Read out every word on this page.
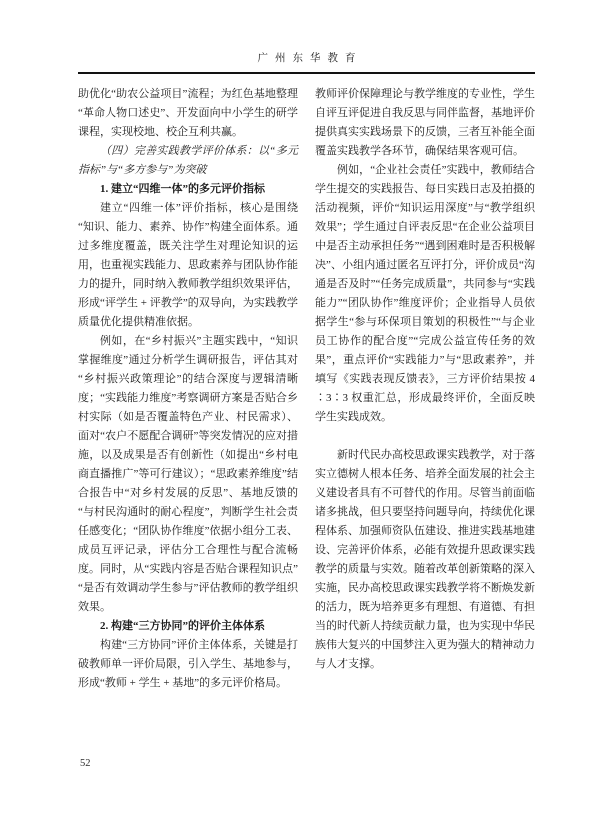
广州东华教育

助优化“助农公益项目”流程；为红色基地整理“革命人物口述史”、开发面向中小学生的研学课程，实现校地、校企互利共赢。

（四）完善实践教学评价体系：以“多元指标”与“多方参与”为突破

1. 建立“四维一体”的多元评价指标

建立“四维一体”评价指标，核心是围绕“知识、能力、素养、协作”构建全面体系。通过多维度覆盖，既关注学生对理论知识的运用，也重视实践能力、思政素养与团队协作能力的提升，同时纳入教师教学组织效果评估，形成“评学生 + 评教学”的双导向，为实践教学质量优化提供精准依据。

例如，在“乡村振兴”主题实践中，“知识掌握维度”通过分析学生调研报告，评估其对“乡村振兴政策理论”的结合深度与逻辑清晰度；“实践能力维度”考察调研方案是否贴合乡村实际（如是否覆盖特色产业、村民需求）、面对“农户不愿配合调研”等突发情况的应对措施，以及成果是否有创新性（如提出“乡村电商直播推广”等可行建议）；“思政素养维度”结合报告中“对乡村发展的反思”、基地反馈的“与村民沟通时的耐心程度”，判断学生社会责任感变化；“团队协作维度”依据小组分工表、成员互评记录，评估分工合理性与配合流畅度。同时，从“实践内容是否贴合课程知识点”“是否有效调动学生参与”评估教师的教学组织效果。

2. 构建“三方协同”的评价主体体系

构建“三方协同”评价主体体系，关键是打破教师单一评价局限，引入学生、基地参与，形成“教师 + 学生 + 基地”的多元评价格局。

教师评价保障理论与教学维度的专业性，学生自评互评促进自我反思与同伴监督，基地评价提供真实实践场景下的反馈，三者互补能全面覆盖实践教学各环节，确保结果客观可信。

例如，“企业社会责任”实践中，教师结合学生提交的实践报告、每日实践日志及拍摄的活动视频，评价“知识运用深度”与“教学组织效果”；学生通过自评表反思“在企业公益项目中是否主动承担任务”“遇到困难时是否积极解决”、小组内通过匿名互评打分，评价成员“沟通是否及时”“任务完成质量”，共同参与“实践能力”“团队协作”维度评价；企业指导人员依据学生“参与环保项目策划的积极性”“与企业员工协作的配合度”“完成公益宣传任务的效果”，重点评价“实践能力”与“思政素养”，并填写《实践表现反馈表》，三方评价结果按 4∶3∶3 权重汇总，形成最终评价，全面反映学生实践成效。

新时代民办高校思政课实践教学，对于落实立德树人根本任务、培养全面发展的社会主义建设者具有不可替代的作用。尽管当前面临诸多挑战，但只要坚持问题导向，持续优化课程体系、加强师资队伍建设、推进实践基地建设、完善评价体系，必能有效提升思政课实践教学的质量与实效。随着改革创新策略的深入实施，民办高校思政课实践教学将不断焕发新的活力，既为培养更多有理想、有道德、有担当的时代新人持续贡献力量，也为实现中华民族伟大复兴的中国梦注入更为强大的精神动力与人才支撑。

52
